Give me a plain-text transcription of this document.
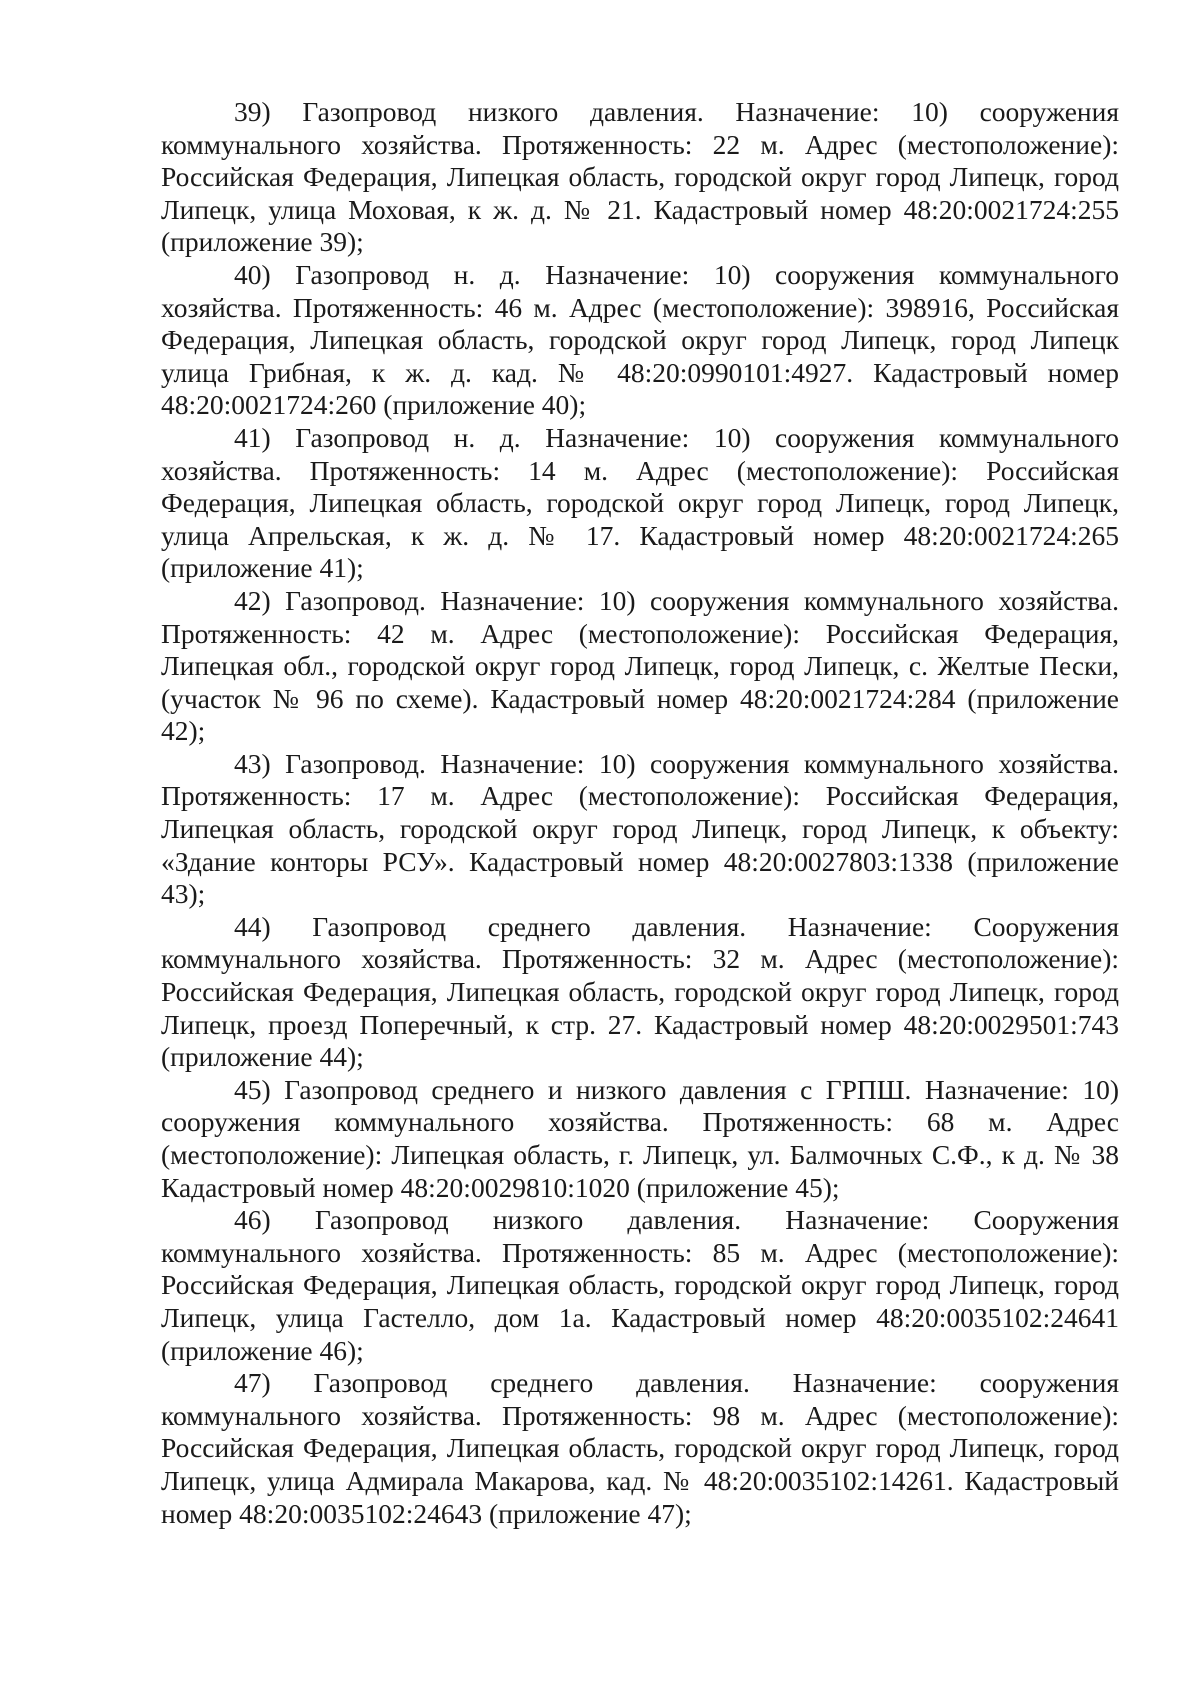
39) Газопровод низкого давления. Назначение: 10) сооружения коммунального хозяйства. Протяженность: 22 м. Адрес (местоположение): Российская Федерация, Липецкая область, городской округ город Липецк, город Липецк, улица Моховая, к ж. д. № 21. Кадастровый номер 48:20:0021724:255 (приложение 39);

40) Газопровод н. д. Назначение: 10) сооружения коммунального хозяйства. Протяженность: 46 м. Адрес (местоположение): 398916, Российская Федерация, Липецкая область, городской округ город Липецк, город Липецк улица Грибная, к ж. д. кад. № 48:20:0990101:4927. Кадастровый номер 48:20:0021724:260 (приложение 40);

41) Газопровод н. д. Назначение: 10) сооружения коммунального хозяйства. Протяженность: 14 м. Адрес (местоположение): Российская Федерация, Липецкая область, городской округ город Липецк, город Липецк, улица Апрельская, к ж. д. № 17. Кадастровый номер 48:20:0021724:265 (приложение 41);

42) Газопровод. Назначение: 10) сооружения коммунального хозяйства. Протяженность: 42 м. Адрес (местоположение): Российская Федерация, Липецкая обл., городской округ город Липецк, город Липецк, с. Желтые Пески, (участок № 96 по схеме). Кадастровый номер 48:20:0021724:284 (приложение 42);

43) Газопровод. Назначение: 10) сооружения коммунального хозяйства. Протяженность: 17 м. Адрес (местоположение): Российская Федерация, Липецкая область, городской округ город Липецк, город Липецк, к объекту: «Здание конторы РСУ». Кадастровый номер 48:20:0027803:1338 (приложение 43);

44) Газопровод среднего давления. Назначение: Сооружения коммунального хозяйства. Протяженность: 32 м. Адрес (местоположение): Российская Федерация, Липецкая область, городской округ город Липецк, город Липецк, проезд Поперечный, к стр. 27. Кадастровый номер 48:20:0029501:743 (приложение 44);

45) Газопровод среднего и низкого давления с ГРПШ. Назначение: 10) сооружения коммунального хозяйства. Протяженность: 68 м. Адрес (местоположение): Липецкая область, г. Липецк, ул. Балмочных С.Ф., к д. № 38 Кадастровый номер 48:20:0029810:1020 (приложение 45);

46) Газопровод низкого давления. Назначение: Сооружения коммунального хозяйства. Протяженность: 85 м. Адрес (местоположение): Российская Федерация, Липецкая область, городской округ город Липецк, город Липецк, улица Гастелло, дом 1а. Кадастровый номер 48:20:0035102:24641 (приложение 46);

47) Газопровод среднего давления. Назначение: сооружения коммунального хозяйства. Протяженность: 98 м. Адрес (местоположение): Российская Федерация, Липецкая область, городской округ город Липецк, город Липецк, улица Адмирала Макарова, кад. № 48:20:0035102:14261. Кадастровый номер 48:20:0035102:24643 (приложение 47);
